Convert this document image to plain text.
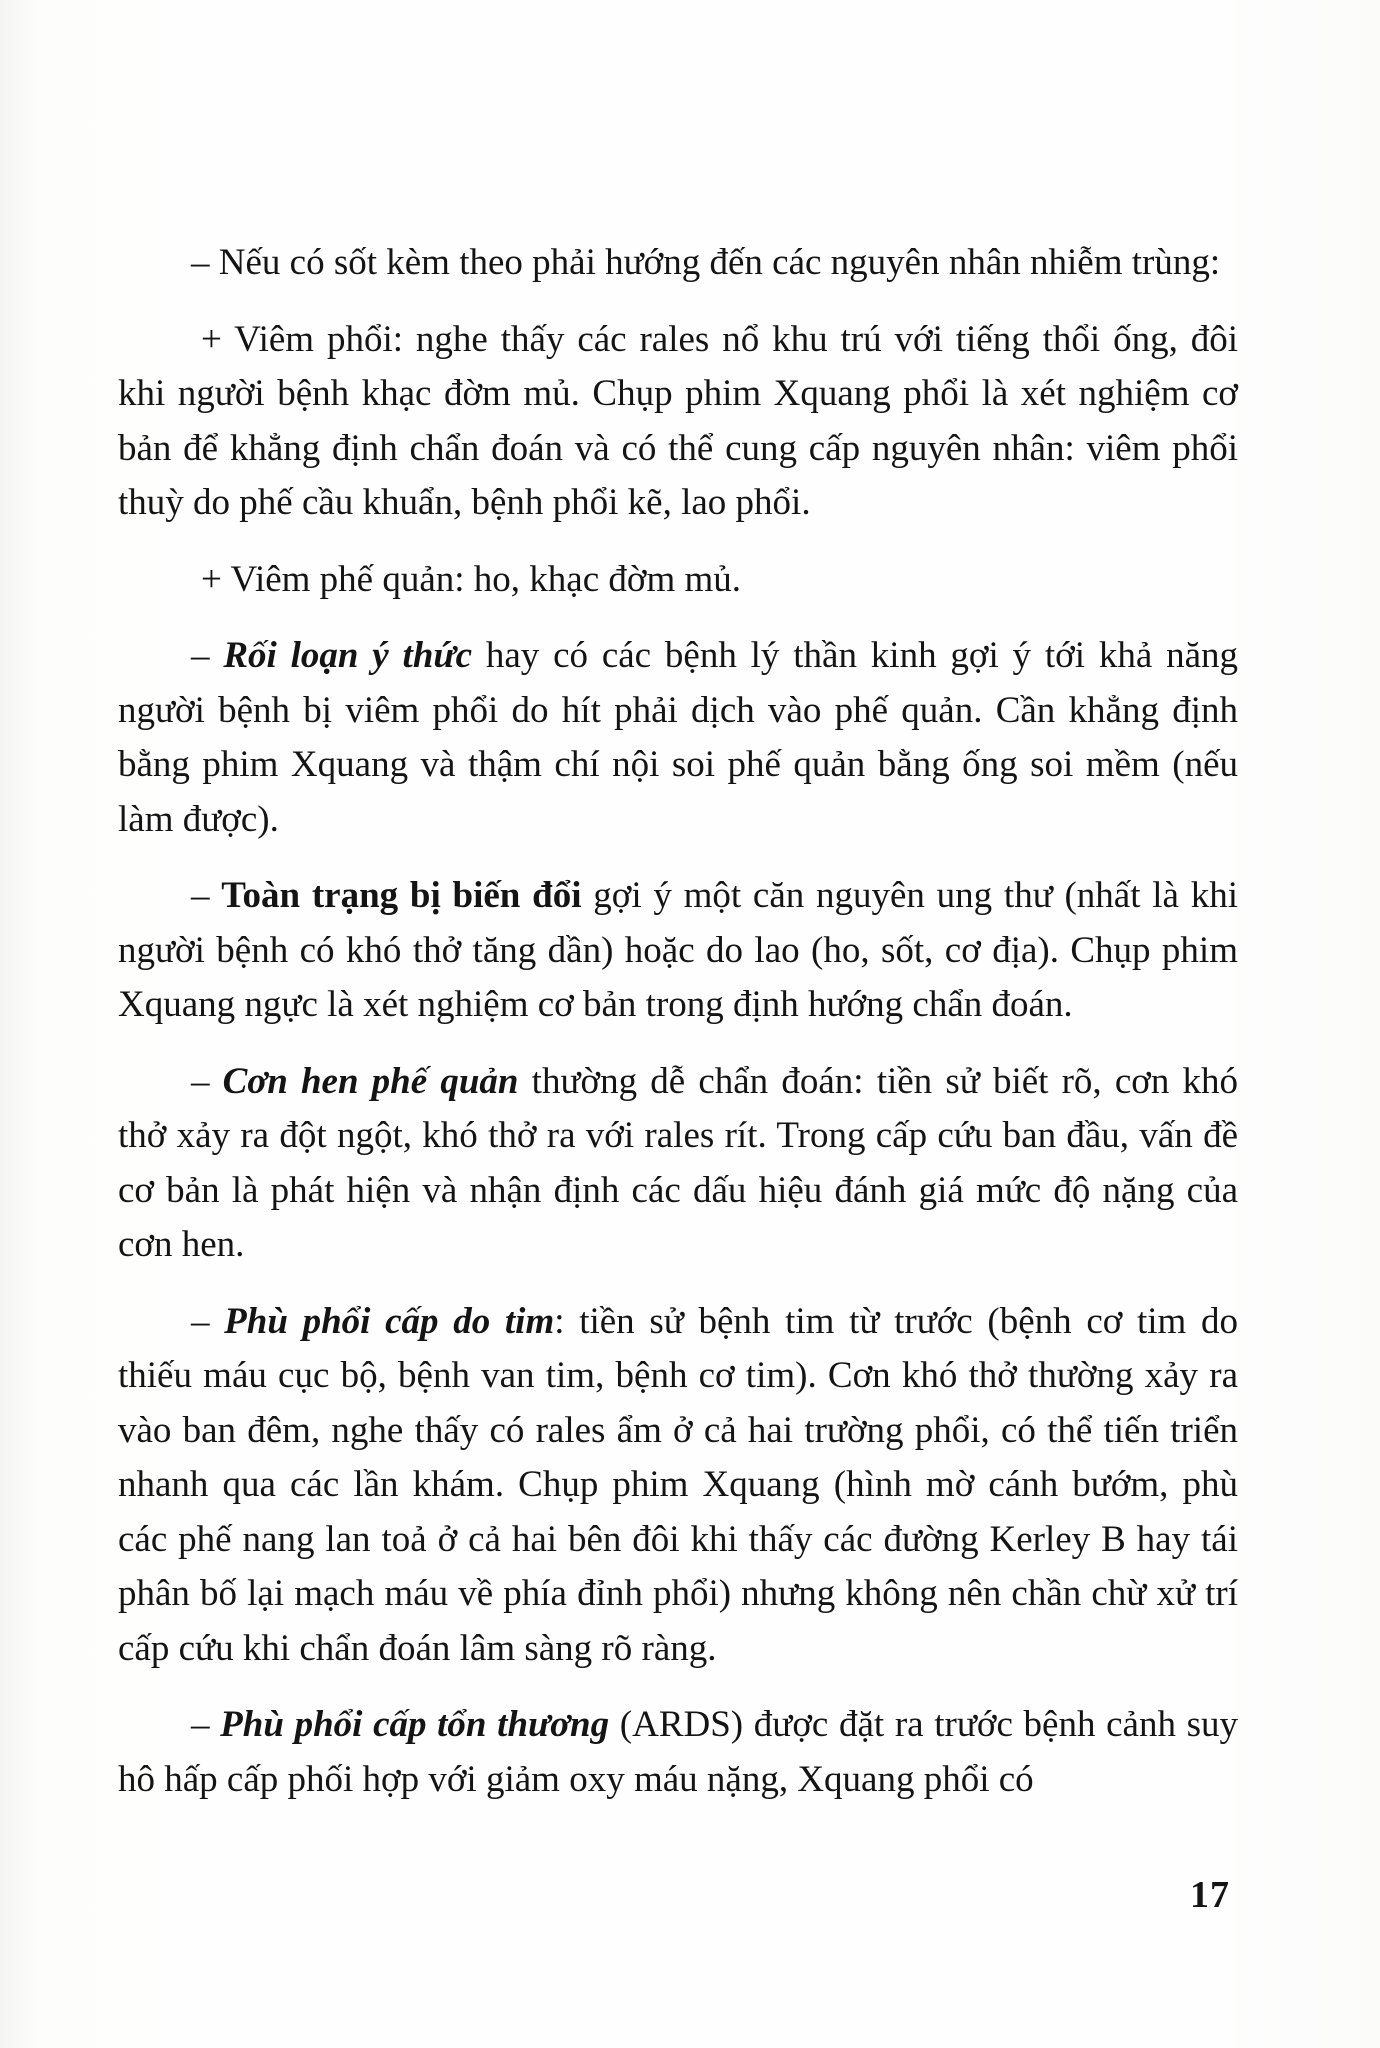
– Nếu có sốt kèm theo phải hướng đến các nguyên nhân nhiễm trùng:

+ Viêm phổi: nghe thấy các rales nổ khu trú với tiếng thổi ống, đôi khi người bệnh khạc đờm mủ. Chụp phim Xquang phổi là xét nghiệm cơ bản để khẳng định chẩn đoán và có thể cung cấp nguyên nhân: viêm phổi thuỳ do phế cầu khuẩn, bệnh phổi kẽ, lao phổi.

+ Viêm phế quản: ho, khạc đờm mủ.

– Rối loạn ý thức hay có các bệnh lý thần kinh gợi ý tới khả năng người bệnh bị viêm phổi do hít phải dịch vào phế quản. Cần khẳng định bằng phim Xquang và thậm chí nội soi phế quản bằng ống soi mềm (nếu làm được).

– Toàn trạng bị biến đổi gợi ý một căn nguyên ung thư (nhất là khi người bệnh có khó thở tăng dần) hoặc do lao (ho, sốt, cơ địa). Chụp phim Xquang ngực là xét nghiệm cơ bản trong định hướng chẩn đoán.

– Cơn hen phế quản thường dễ chẩn đoán: tiền sử biết rõ, cơn khó thở xảy ra đột ngột, khó thở ra với rales rít. Trong cấp cứu ban đầu, vấn đề cơ bản là phát hiện và nhận định các dấu hiệu đánh giá mức độ nặng của cơn hen.

– Phù phổi cấp do tim: tiền sử bệnh tim từ trước (bệnh cơ tim do thiếu máu cục bộ, bệnh van tim, bệnh cơ tim). Cơn khó thở thường xảy ra vào ban đêm, nghe thấy có rales ẩm ở cả hai trường phổi, có thể tiến triển nhanh qua các lần khám. Chụp phim Xquang (hình mờ cánh bướm, phù các phế nang lan toả ở cả hai bên đôi khi thấy các đường Kerley B hay tái phân bố lại mạch máu về phía đỉnh phổi) nhưng không nên chần chừ xử trí cấp cứu khi chẩn đoán lâm sàng rõ ràng.

– Phù phổi cấp tổn thương (ARDS) được đặt ra trước bệnh cảnh suy hô hấp cấp phối hợp với giảm oxy máu nặng, Xquang phổi có

17
